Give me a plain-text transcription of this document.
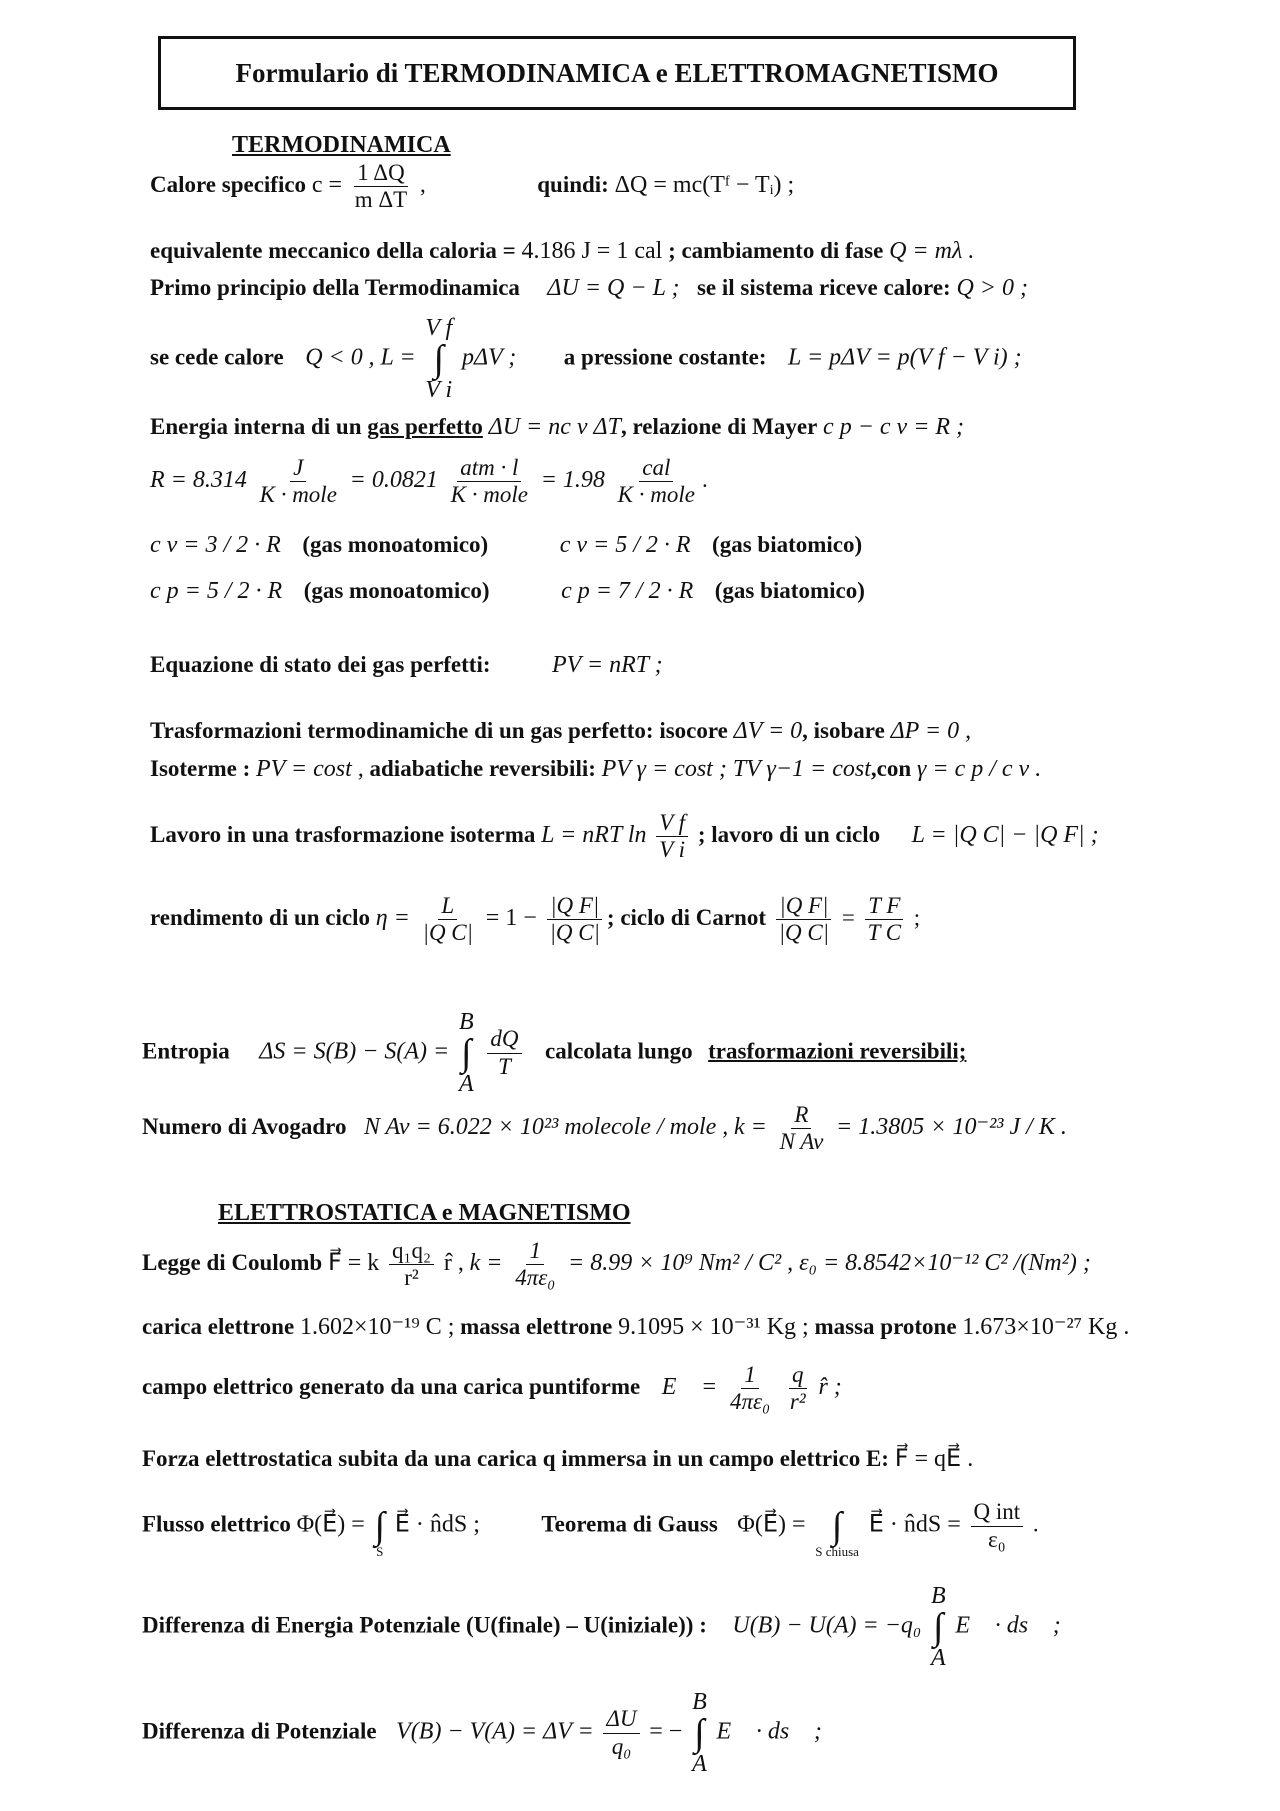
Formulario di TERMODINAMICA e ELETTROMAGNETISMO
TERMODINAMICA
Calore specifico $c = \frac{1 \Delta Q}{\text{m ΔT}}$ ,	quindi: ΔQ = mc(Tᶠ − Tᵢ) ;
equivalente meccanico della caloria = 4.186 J = 1 cal ; cambiamento di fase Q = mλ .
Primo principio della Termodinamica ΔU = Q − L ; se il sistema riceve calore: Q > 0 ;
se cede calore Q < 0 , L =
V f
∫
V i
pΔV ; a pressione costante: L = pΔV = p(V f − V i) ;
Energia interna di un gas perfetto ΔU = nc v ΔT, relazione di Mayer c p − c v = R ;
$R = 8.314 \frac{J}{\text{K · mole}} = 0.0821 \frac{\text{atm · l}}{\text{K · mole}} = 1.98 \frac{\text{cal}}{\text{K · mole}}$ .
c v = 3 / 2 · R (gas monoatomico)	c v = 5 / 2 · R (gas biatomico)
c p = 5 / 2 · R (gas monoatomico)	c p = 7 / 2 · R (gas biatomico)
Equazione di stato dei gas perfetti:	PV = nRT ;
Trasformazioni termodinamiche di un gas perfetto: isocore ΔV = 0, isobare ΔP = 0 ,
Isoterme : PV = cost , adiabatiche reversibili: PV γ = cost ; TV γ−1 = cost,con γ = c p / c v .
Lavoro in una trasformazione isoterma L = nRT $\ln \frac{\text{V f}}{\text{V i}}$ ; lavoro di un ciclo L = |Q C| − |Q F| ;
rendimento di un ciclo $\eta = \frac{L}{\text{|Q C|}} = 1 - \frac{\text{|Q F|}}{\text{|Q C|}}$ ; ciclo di Carnot $\frac{\text{|Q F|}}{\text{|Q C|}} = \frac{\text{T F}}{\text{T C}}$ ;
Entropia ΔS = S(B) − S(A) =
B
∫
A

$\frac{dQ}{T}$ calcolata lungo trasformazioni reversibili;
Numero di Avogadro N Av = 6.022 × 10²³ molecole / mole , $k = \frac{R}{\text{N Av}} = 1.3805 \times 10^{-23}$ J / K .
ELETTROSTATICA e MAGNETISMO
Legge di Coulomb F⃗ = k $\frac{\text{q₁q₂}}{\text{r²}}$ r̂ , $k = \frac{1}{\text{4πε₀}} = 8.99 \times 10^9$ Nm² / C² , ε₀ = 8.8542×10⁻¹² C² /(Nm²) ;
carica elettrone 1.602×10⁻¹⁹ C ; massa elettrone 9.1095 × 10⁻³¹ Kg ; massa protone 1.673×10⁻²⁷ Kg .
campo elettrico generato da una carica puntiforme E⃗ = $\frac{1}{\text{4πε₀}}$
$\frac{q}{\text{r²}}$ r̂ ;
Forza elettrostatica subita da una carica q immersa in un campo elettrico E: F⃗ = qE⃗ .
Flusso elettrico Φ(E⃗) =
∫
S
E⃗ · n̂dS ;	Teorema di Gauss Φ(E⃗) =
∫
S chiusa
E⃗ · n̂dS = $\frac{\text{Q int}}{\text{ε₀}}$ .
Differenza di Energia Potenziale (U(finale) – U(iniziale)) : U(B) − U(A) = −q₀
B
∫
A
E⃗ · ds⃗ ;
Differenza di Potenziale $V(B) - V(A) = \Delta V = \frac{\Delta U}{\text{q₀}}$ = −
B
∫
A
E⃗ · ds⃗ ;
